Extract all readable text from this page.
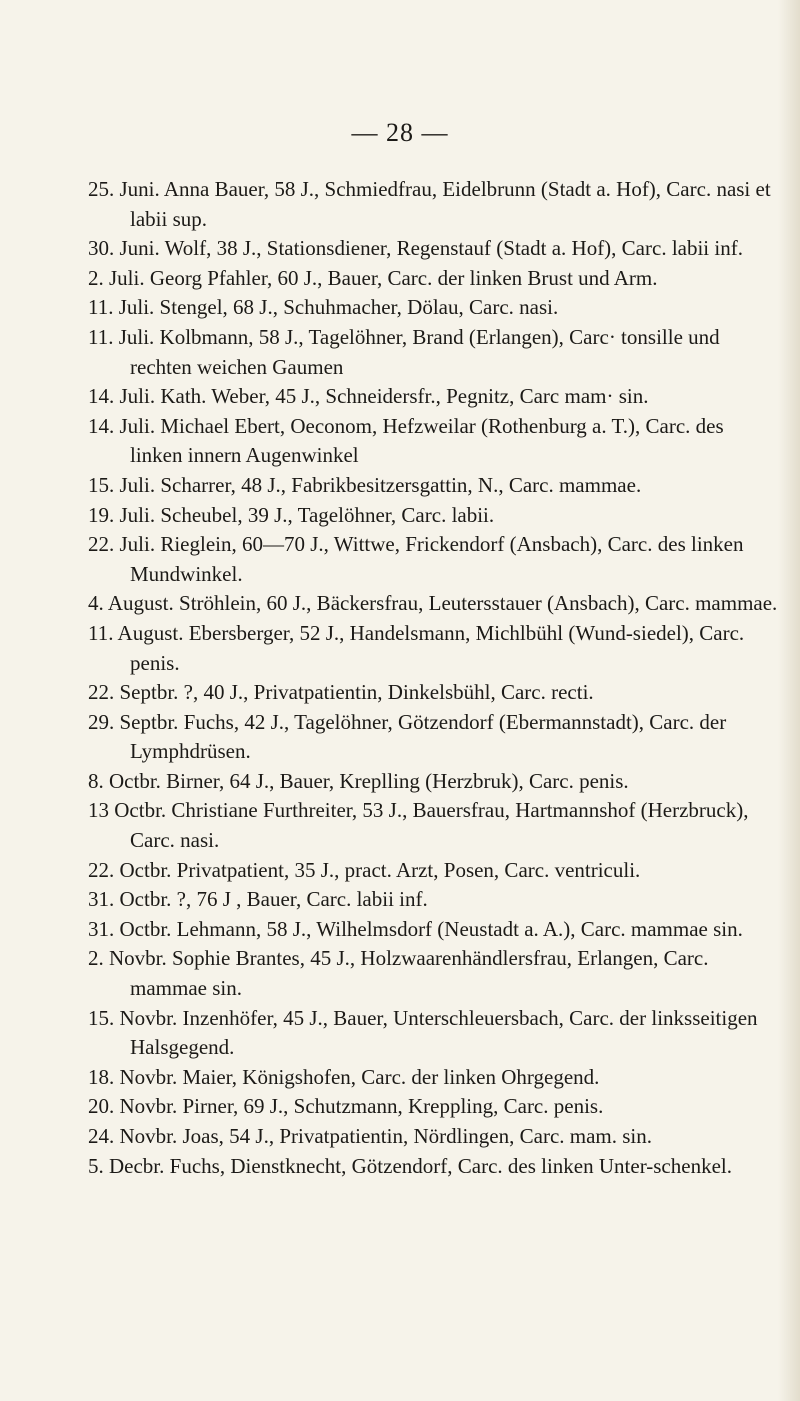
— 28 —
25. Juni. Anna Bauer, 58 J., Schmiedfrau, Eidelbrunn (Stadt a. Hof), Carc. nasi et labii sup.
30. Juni. Wolf, 38 J., Stationsdiener, Regenstauf (Stadt a. Hof), Carc. labii inf.
2. Juli. Georg Pfahler, 60 J., Bauer, Carc. der linken Brust und Arm.
11. Juli. Stengel, 68 J., Schuhmacher, Dölau, Carc. nasi.
11. Juli. Kolbmann, 58 J., Tagelöhner, Brand (Erlangen), Carc· tonsille und rechten weichen Gaumen
14. Juli. Kath. Weber, 45 J., Schneidersfr., Pegnitz, Carc mam· sin.
14. Juli. Michael Ebert, Oeconom, Hefzweilar (Rothenburg a. T.), Carc. des linken innern Augenwinkel
15. Juli. Scharrer, 48 J., Fabrikbesitzersgattin, N., Carc. mammae.
19. Juli. Scheubel, 39 J., Tagelöhner, Carc. labii.
22. Juli. Rieglein, 60—70 J., Wittwe, Frickendorf (Ansbach), Carc. des linken Mundwinkel.
4. August. Ströhlein, 60 J., Bäckersfrau, Leutersstauer (Ansbach), Carc. mammae.
11. August. Ebersberger, 52 J., Handelsmann, Michlbühl (Wund-siedel), Carc. penis.
22. Septbr. ?, 40 J., Privatpatientin, Dinkelsbühl, Carc. recti.
29. Septbr. Fuchs, 42 J., Tagelöhner, Götzendorf (Ebermannstadt), Carc. der Lymphdrüsen.
8. Octbr. Birner, 64 J., Bauer, Kreplling (Herzbruk), Carc. penis.
13 Octbr. Christiane Furthreiter, 53 J., Bauersfrau, Hartmannshof (Herzbruck), Carc. nasi.
22. Octbr. Privatpatient, 35 J., pract. Arzt, Posen, Carc. ventriculi.
31. Octbr. ?, 76 J , Bauer, Carc. labii inf.
31. Octbr. Lehmann, 58 J., Wilhelmsdorf (Neustadt a. A.), Carc. mammae sin.
2. Novbr. Sophie Brantes, 45 J., Holzwaarenhändlersfrau, Erlangen, Carc. mammae sin.
15. Novbr. Inzenhöfer, 45 J., Bauer, Unterschleuersbach, Carc. der linksseitigen Halsgegend.
18. Novbr. Maier, Königshofen, Carc. der linken Ohrgegend.
20. Novbr. Pirner, 69 J., Schutzmann, Kreppling, Carc. penis.
24. Novbr. Joas, 54 J., Privatpatientin, Nördlingen, Carc. mam. sin.
5. Decbr. Fuchs, Dienstknecht, Götzendorf, Carc. des linken Unter-schenkel.
